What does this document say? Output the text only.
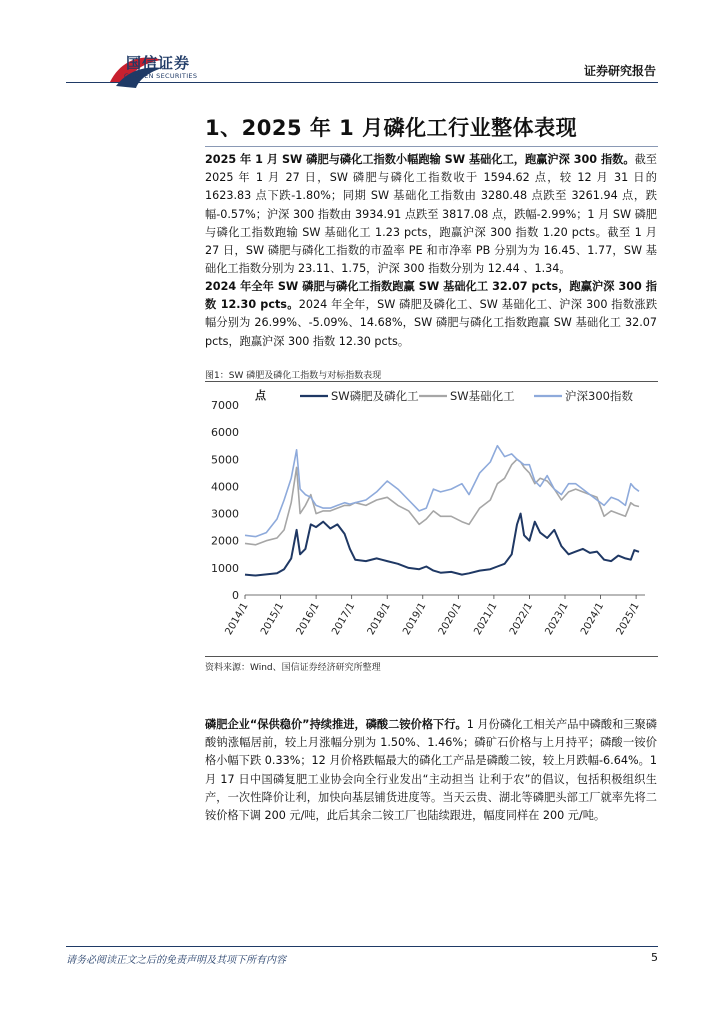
国信证券
GUOSEN SECURITIES	证券研究报告
1、2025 年 1 月磷化工行业整体表现
2025 年 1 月 SW 磷肥与磷化工指数小幅跑输 SW 基础化工，跑赢沪深 300 指数。截至 2025 年 1 月 27 日，SW 磷肥与磷化工指数收于 1594.62 点，较 12 月 31 日的 1623.83 点下跌-1.80%；同期 SW 基础化工指数由 3280.48 点跌至 3261.94 点，跌幅-0.57%；沪深 300 指数由 3934.91 点跌至 3817.08 点，跌幅-2.99%；1 月 SW 磷肥与磷化工指数跑输 SW 基础化工 1.23 pcts，跑赢沪深 300 指数 1.20 pcts。截至 1 月 27 日，SW 磷肥与磷化工指数的市盈率 PE 和市净率 PB 分别为为 16.45、1.77，SW 基础化工指数分别为 23.11、1.75，沪深 300 指数分别为 12.44 、1.34。
2024 年全年 SW 磷肥与磷化工指数跑赢 SW 基础化工 32.07 pcts，跑赢沪深 300 指数 12.30 pcts。2024 年全年，SW 磷肥及磷化工、SW 基础化工、沪深 300 指数涨跌幅分别为 26.99%、-5.09%、14.68%，SW 磷肥与磷化工指数跑赢 SW 基础化工 32.07 pcts，跑赢沪深 300 指数 12.30 pcts。
图1：SW 磷肥及磷化工指数与对标指数表现
0
1000
2000
3000
4000
5000
6000
7000
点
2014/1 2015/1 2016/1 2017/1 2018/1 2019/1 2020/1 2021/1 2022/1 2023/1 2024/1 2025/1
SW磷肥及磷化工	SW基础化工	沪深300指数
资料来源：Wind、国信证券经济研究所整理
磷肥企业“保供稳价”持续推进，磷酸二铵价格下行。1 月份磷化工相关产品中磷酸和三聚磷酸钠涨幅居前，较上月涨幅分别为 1.50%、1.46%；磷矿石价格与上月持平；磷酸一铵价格小幅下跌 0.33%；12 月价格跌幅最大的磷化工产品是磷酸二铵，较上月跌幅-6.64%。1 月 17 日中国磷复肥工业协会向全行业发出“主动担当 让利于农”的倡议，包括积极组织生产，一次性降价让利，加快向基层铺货进度等。当天云贵、湖北等磷肥头部工厂就率先将二铵价格下调 200 元/吨，此后其余二铵工厂也陆续跟进，幅度同样在 200 元/吨。
请务必阅读正文之后的免责声明及其项下所有内容	5
